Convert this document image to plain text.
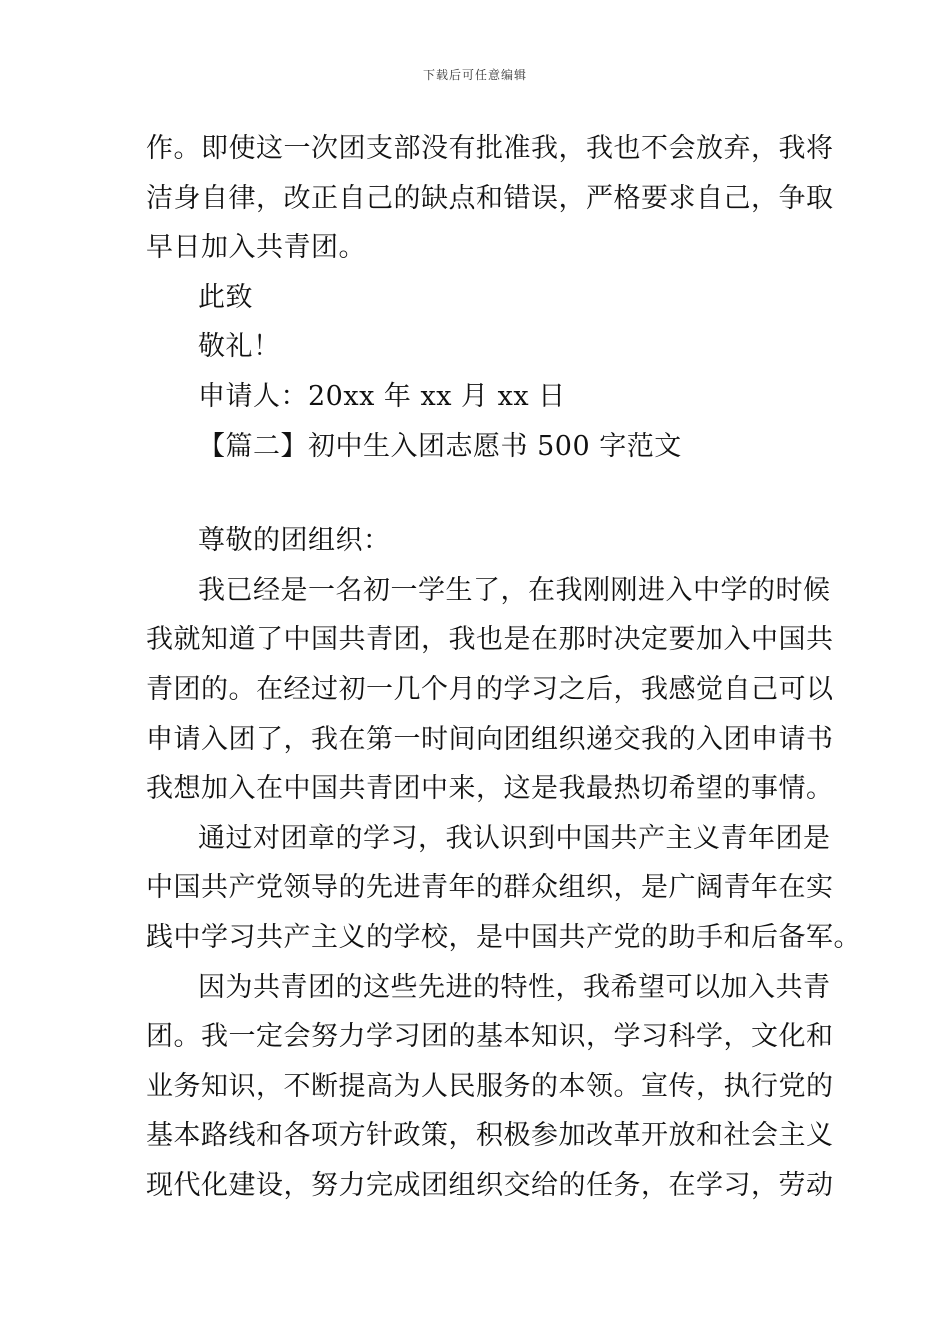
下载后可任意编辑
作。即使这一次团支部没有批准我，我也不会放弃，我将
洁身自律，改正自己的缺点和错误，严格要求自己，争取
早日加入共青团。
此致
敬礼！
申请人：20xx 年 xx 月 xx 日
【篇二】初中生入团志愿书 500 字范文
尊敬的团组织：
我已经是一名初一学生了，在我刚刚进入中学的时候
我就知道了中国共青团，我也是在那时决定要加入中国共
青团的。在经过初一几个月的学习之后，我感觉自己可以
申请入团了，我在第一时间向团组织递交我的入团申请书
我想加入在中国共青团中来，这是我最热切希望的事情。
通过对团章的学习，我认识到中国共产主义青年团是
中国共产党领导的先进青年的群众组织，是广阔青年在实
践中学习共产主义的学校，是中国共产党的助手和后备军。
因为共青团的这些先进的特性，我希望可以加入共青
团。我一定会努力学习团的基本知识，学习科学，文化和
业务知识，不断提高为人民服务的本领。宣传，执行党的
基本路线和各项方针政策，积极参加改革开放和社会主义
现代化建设，努力完成团组织交给的任务，在学习，劳动
